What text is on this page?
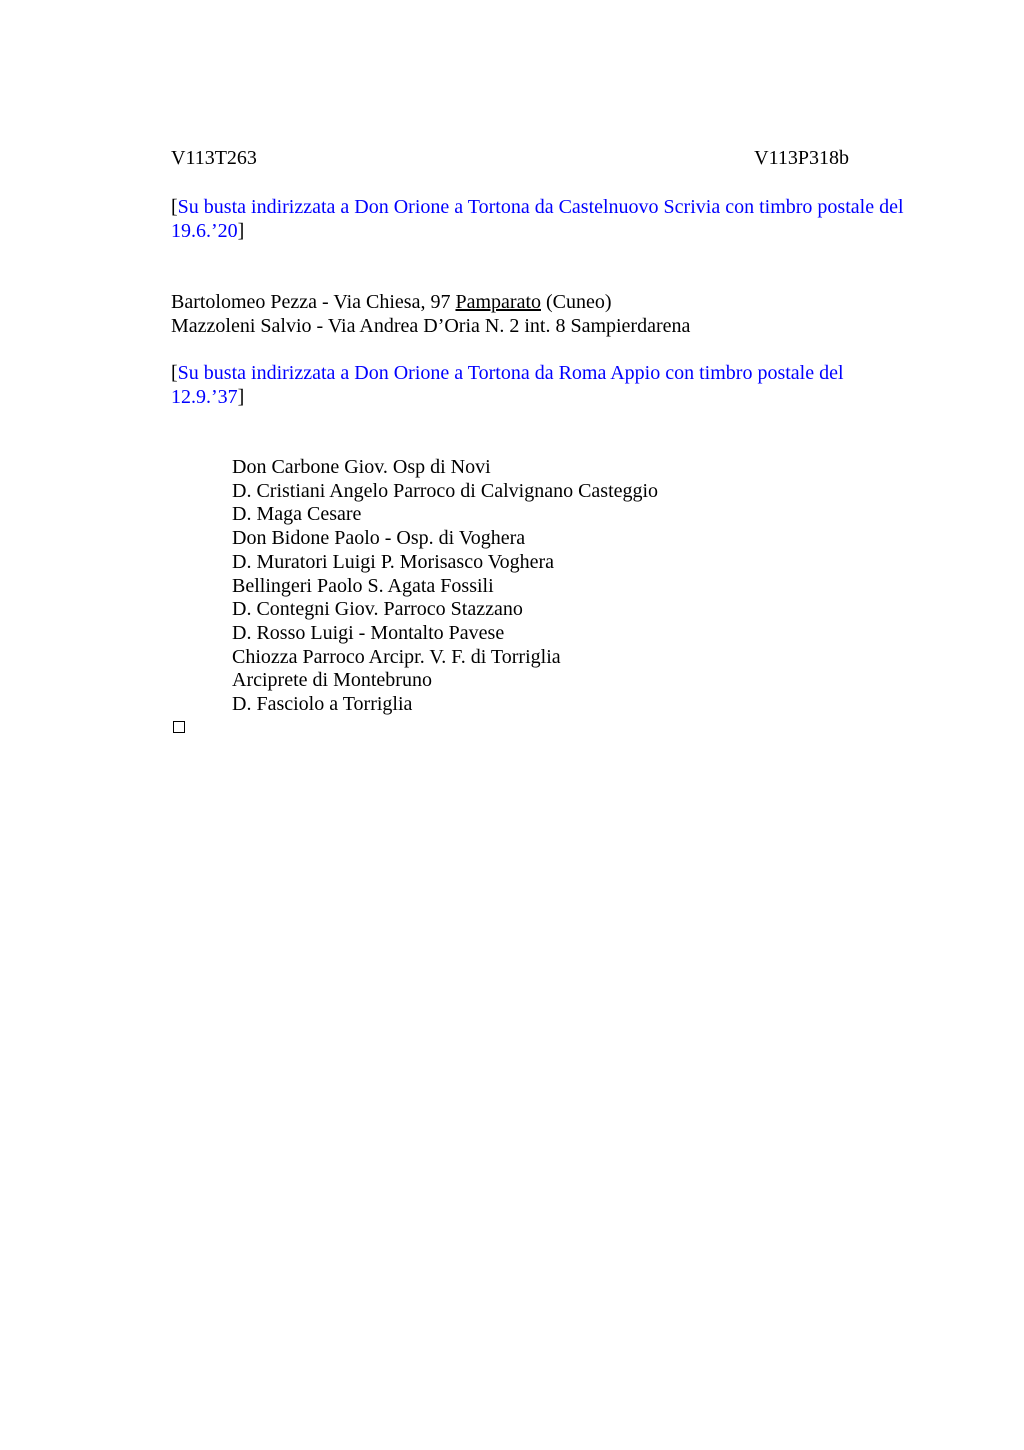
V113T263	V113P318b
[Su busta indirizzata a Don Orione a Tortona da Castelnuovo Scrivia con timbro postale del 19.6.’20]
Bartolomeo Pezza - Via Chiesa, 97 Pamparato (Cuneo)
Mazzoleni Salvio - Via Andrea D’Oria N. 2 int. 8 Sampierdarena
[Su busta indirizzata a Don Orione a Tortona da Roma Appio con timbro postale del 12.9.’37]
Don Carbone Giov. Osp di Novi
D. Cristiani Angelo Parroco di Calvignano Casteggio
D. Maga Cesare
Don Bidone Paolo - Osp. di Voghera
D. Muratori Luigi P. Morisasco Voghera
Bellingeri Paolo S. Agata Fossili
D. Contegni Giov. Parroco Stazzano
D. Rosso Luigi - Montalto Pavese
Chiozza Parroco Arcipr. V. F. di Torriglia
Arciprete di Montebruno
D. Fasciolo a Torriglia
